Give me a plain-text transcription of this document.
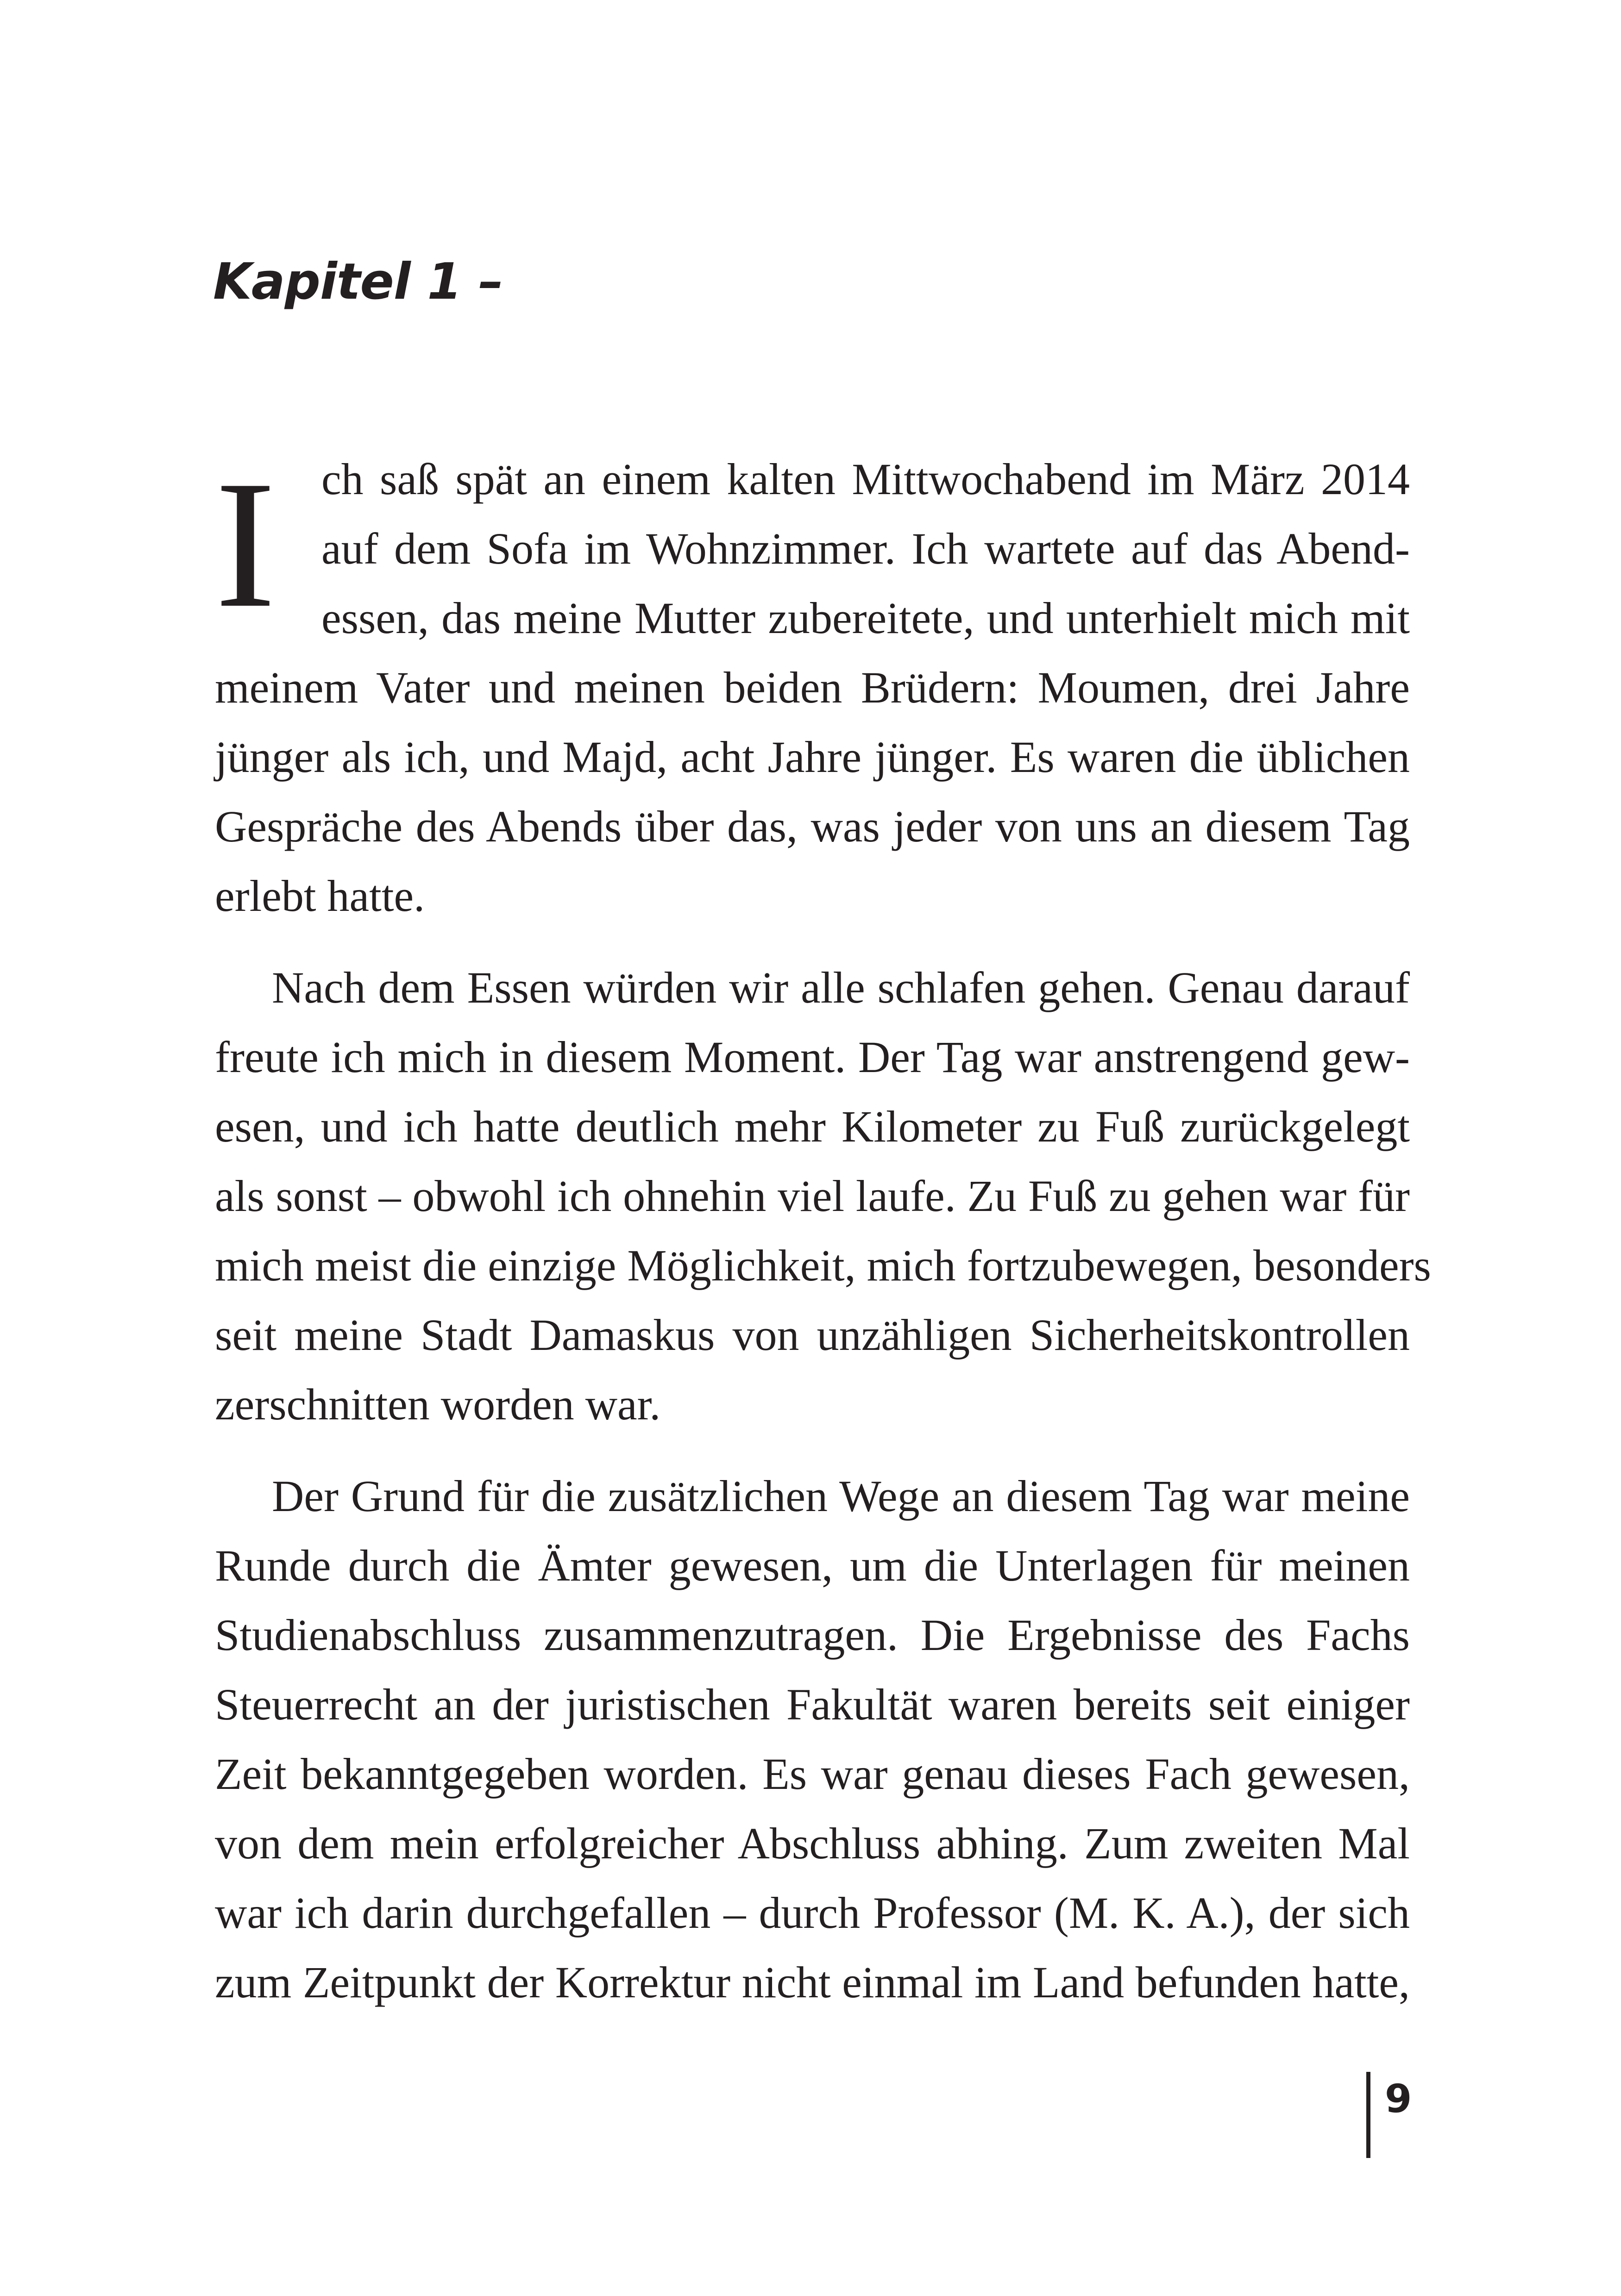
Kapitel 1 –
I	ch saß spät an einem kalten Mittwochabend im März 2014
auf dem Sofa im Wohnzimmer. Ich wartete auf das Abend-
essen, das meine Mutter zubereitete, und unterhielt mich mit
meinem Vater und meinen beiden Brüdern: Moumen, drei Jahre
jünger als ich, und Majd, acht Jahre jünger. Es waren die üblichen
Gespräche des Abends über das, was jeder von uns an diesem Tag
erlebt hatte.

Nach dem Essen würden wir alle schlafen gehen. Genau darauf
freute ich mich in diesem Moment. Der Tag war anstrengend gew-
esen, und ich hatte deutlich mehr Kilometer zu Fuß zurückgelegt
als sonst – obwohl ich ohnehin viel laufe. Zu Fuß zu gehen war für
mich meist die einzige Möglichkeit, mich fortzubewegen, besonders
seit meine Stadt Damaskus von unzähligen Sicherheitskontrollen
zerschnitten worden war.

Der Grund für die zusätzlichen Wege an diesem Tag war meine
Runde durch die Ämter gewesen, um die Unterlagen für meinen
Studienabschluss zusammenzutragen. Die Ergebnisse des Fachs
Steuerrecht an der juristischen Fakultät waren bereits seit einiger
Zeit bekanntgegeben worden. Es war genau dieses Fach gewesen,
von dem mein erfolgreicher Abschluss abhing. Zum zweiten Mal
war ich darin durchgefallen – durch Professor (M. K. A.), der sich
zum Zeitpunkt der Korrektur nicht einmal im Land befunden hatte,

9
